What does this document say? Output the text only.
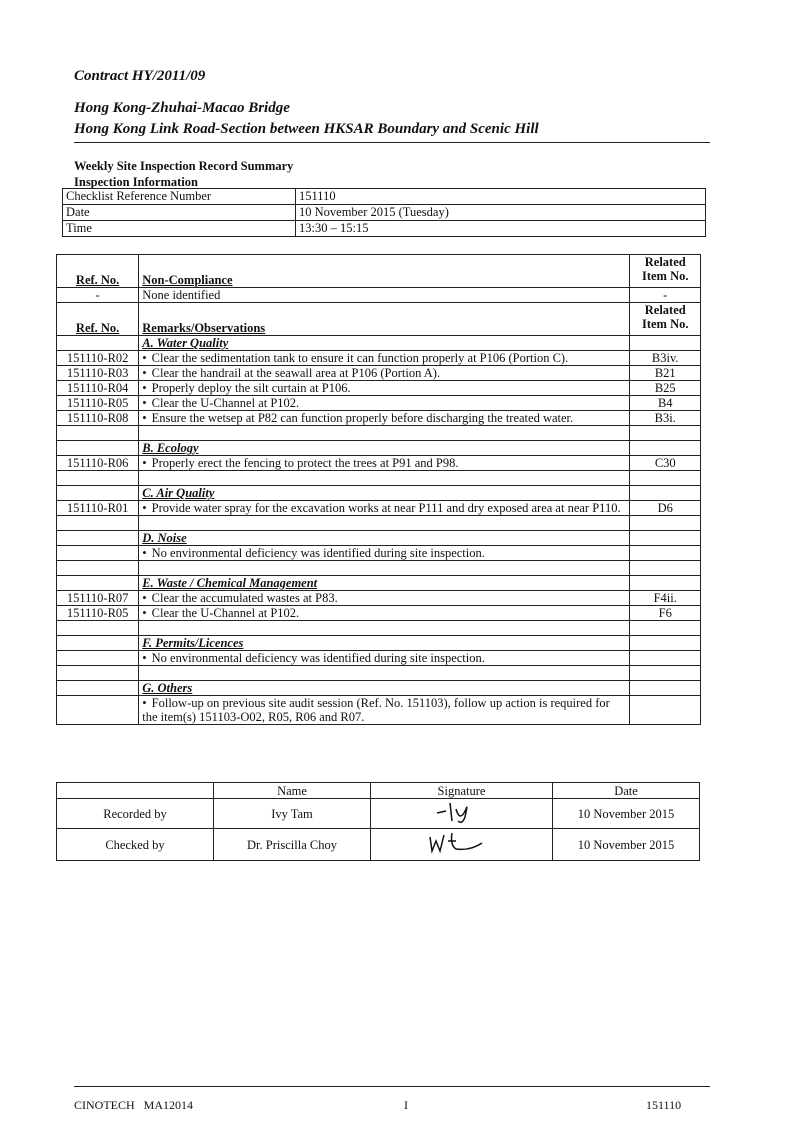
Contract HY/2011/09
Hong Kong-Zhuhai-Macao Bridge
Hong Kong Link Road-Section between HKSAR Boundary and Scenic Hill
Weekly Site Inspection Record Summary
Inspection Information
Checklist Reference Number	151110
Date	10 November 2015 (Tuesday)
Time	13:30 – 15:15
Ref. No.	Non-Compliance	Related
Item No.
-	None identified	-
Ref. No.	Remarks/Observations	Related
Item No.
	A. Water Quality	
151110-R02	• Clear the sedimentation tank to ensure it can function properly at P106 (Portion C).	B3iv.
151110-R03	• Clear the handrail at the seawall area at P106 (Portion A).	B21
151110-R04	• Properly deploy the silt curtain at P106.	B25
151110-R05	• Clear the U-Channel at P102.	B4
151110-R08	• Ensure the wetsep at P82 can function properly before discharging the treated water.	B3i.

	B. Ecology	
151110-R06	• Properly erect the fencing to protect the trees at P91 and P98.	C30

	C. Air Quality	
151110-R01	• Provide water spray for the excavation works at near P111 and dry exposed area at near P110.	D6

	D. Noise	
	• No environmental deficiency was identified during site inspection.	

	E. Waste / Chemical Management	
151110-R07	• Clear the accumulated wastes at P83.	F4ii.
151110-R05	• Clear the U-Channel at P102.	F6

	F. Permits/Licences	
	• No environmental deficiency was identified during site inspection.	

	G. Others	
	• Follow-up on previous site audit session (Ref. No. 151103), follow up action is required for the item(s) 151103-O02, R05, R06 and R07.	
	Name	Signature	Date
Recorded by	Ivy Tam		10 November 2015
Checked by	Dr. Priscilla Choy		10 November 2015
CINOTECH   MA12014	I	151110
